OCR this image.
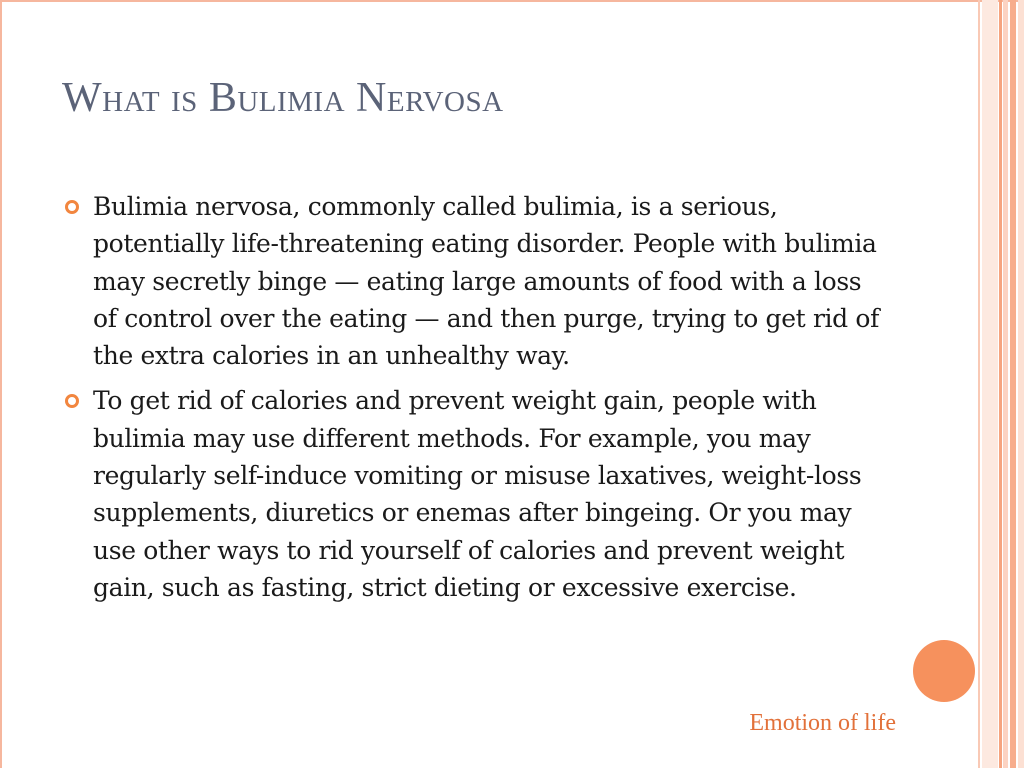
What is Bulimia Nervosa
Bulimia nervosa, commonly called bulimia, is a serious, potentially life-threatening eating disorder. People with bulimia may secretly binge — eating large amounts of food with a loss of control over the eating — and then purge, trying to get rid of the extra calories in an unhealthy way.
To get rid of calories and prevent weight gain, people with bulimia may use different methods. For example, you may regularly self-induce vomiting or misuse laxatives, weight-loss supplements, diuretics or enemas after bingeing. Or you may use other ways to rid yourself of calories and prevent weight gain, such as fasting, strict dieting or excessive exercise.
Emotion of life
